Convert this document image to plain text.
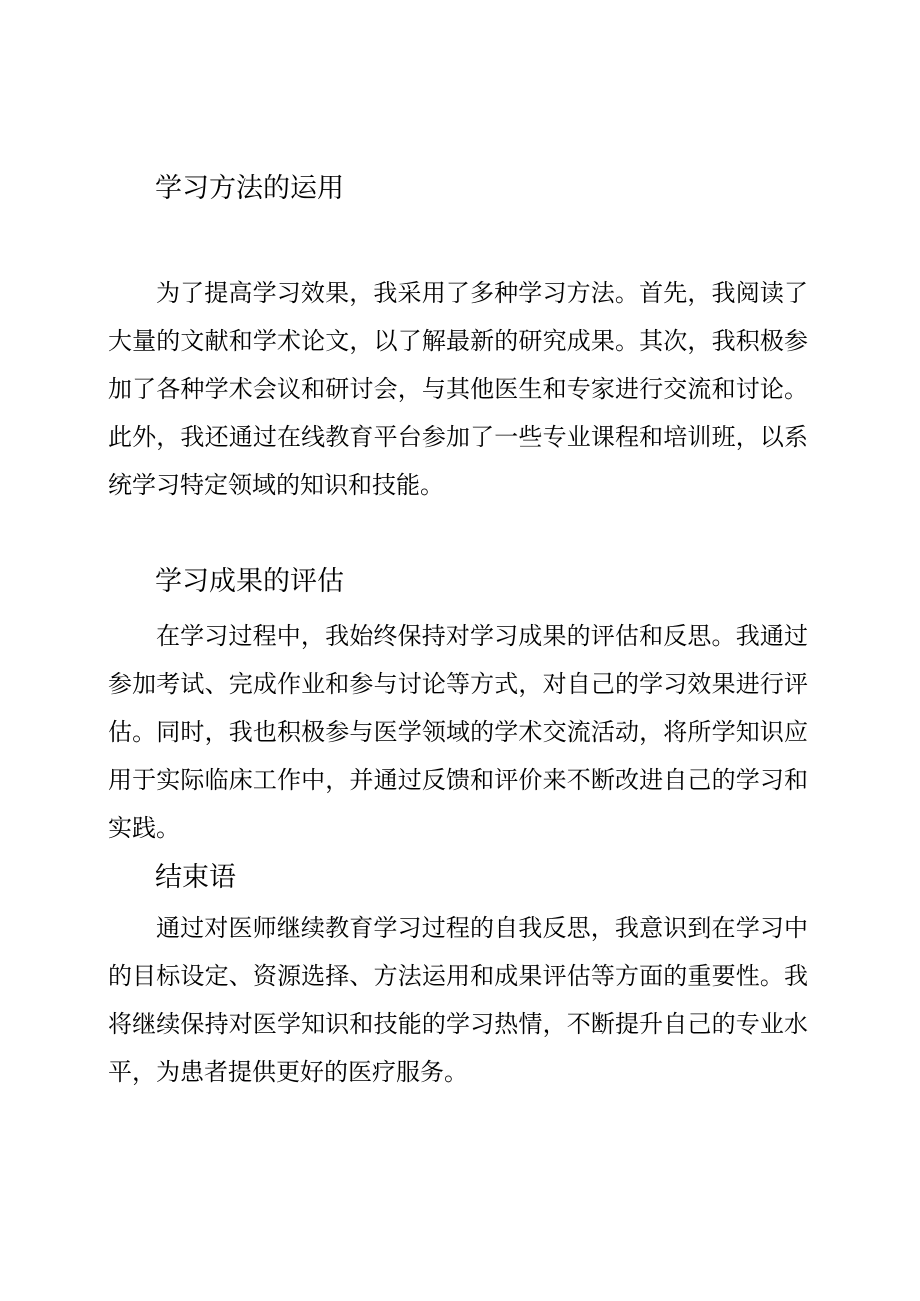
学习方法的运用

为了提高学习效果，我采用了多种学习方法。首先，我阅读了大量的文献和学术论文，以了解最新的研究成果。其次，我积极参加了各种学术会议和研讨会，与其他医生和专家进行交流和讨论。此外，我还通过在线教育平台参加了一些专业课程和培训班，以系统学习特定领域的知识和技能。

学习成果的评估

在学习过程中，我始终保持对学习成果的评估和反思。我通过参加考试、完成作业和参与讨论等方式，对自己的学习效果进行评估。同时，我也积极参与医学领域的学术交流活动，将所学知识应用于实际临床工作中，并通过反馈和评价来不断改进自己的学习和实践。

结束语

通过对医师继续教育学习过程的自我反思，我意识到在学习中的目标设定、资源选择、方法运用和成果评估等方面的重要性。我将继续保持对医学知识和技能的学习热情，不断提升自己的专业水平，为患者提供更好的医疗服务。
